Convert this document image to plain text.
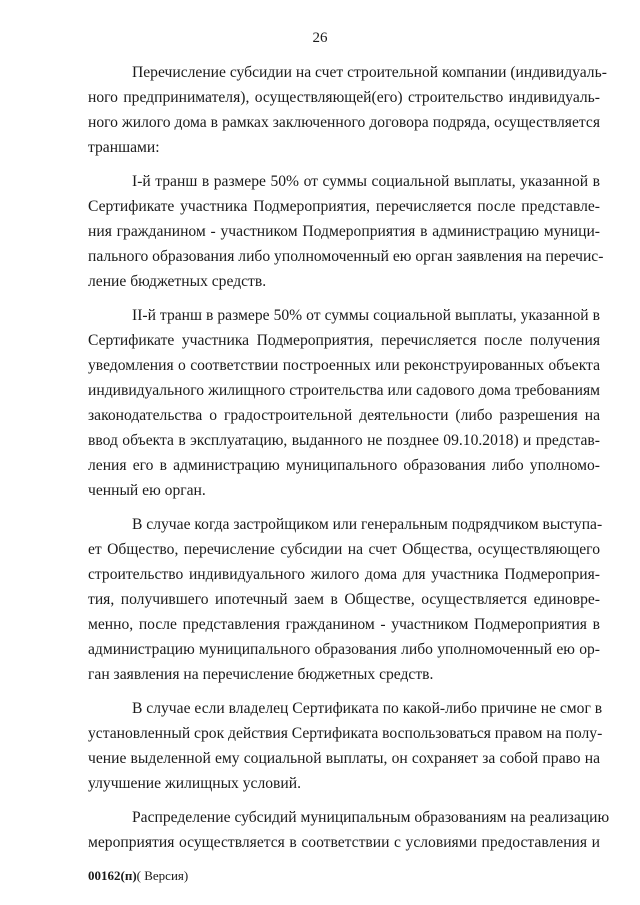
26

Перечисление субсидии на счет строительной компании (индивидуаль-
ного предпринимателя), осуществляющей(его) строительство индивидуаль-
ного жилого дома в рамках заключенного договора подряда, осуществляется
траншами:

I-й транш в размере 50% от суммы социальной выплаты, указанной в
Сертификате участника Подмероприятия, перечисляется после представле-
ния гражданином - участником Подмероприятия в администрацию муници-
пального образования либо уполномоченный ею орган заявления на перечис-
ление бюджетных средств.

II-й транш в размере 50% от суммы социальной выплаты, указанной в
Сертификате участника Подмероприятия, перечисляется после получения
уведомления о соответствии построенных или реконструированных объекта
индивидуального жилищного строительства или садового дома требованиям
законодательства о градостроительной деятельности (либо разрешения на
ввод объекта в эксплуатацию, выданного не позднее 09.10.2018) и представ-
ления его в администрацию муниципального образования либо уполномо-
ченный ею орган.

В случае когда застройщиком или генеральным подрядчиком выступа-
ет Общество, перечисление субсидии на счет Общества, осуществляющего
строительство индивидуального жилого дома для участника Подмероприя-
тия, получившего ипотечный заем в Обществе, осуществляется единовре-
менно, после представления гражданином - участником Подмероприятия в
администрацию муниципального образования либо уполномоченный ею ор-
ган заявления на перечисление бюджетных средств.

В случае если владелец Сертификата по какой-либо причине не смог в
установленный срок действия Сертификата воспользоваться правом на полу-
чение выделенной ему социальной выплаты, он сохраняет за собой право на
улучшение жилищных условий.

Распределение субсидий муниципальным образованиям на реализацию
мероприятия осуществляется в соответствии с условиями предоставления и

00162(п)( Версия)
